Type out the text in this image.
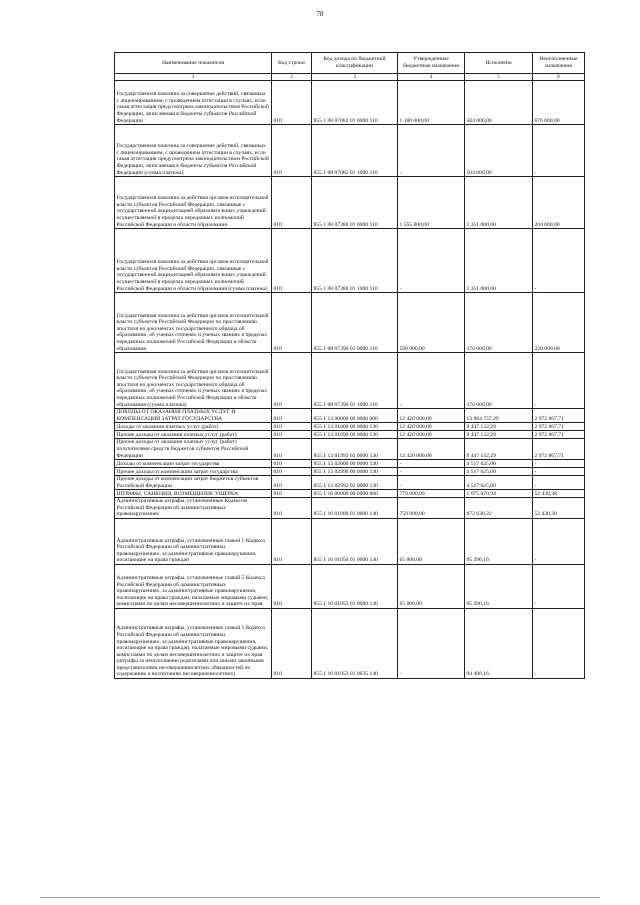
78
Наименование показателя	Код строки	Код дохода по бюджетной классификации	Утвержденные бюджетные назначения	Исполнено	Неисполненные назначения
1	2	3	4	5	6
Государственная пошлина за совершение действий, связанных с лицензированием, с проведением аттестации в случаях, если такая аттестация предусмотрена законодательством Российской Федерации, зачисляемая в бюджеты субъектов Российской Федерации	010	855 1 08 07082 01 0000 110	1 180 000,00	504 000,00	676 000,00
Государственная пошлина за совершение действий, связанных с лицензированием, с проведением аттестации в случаях, если такая аттестация предусмотрена законодательством Российской Федерации, зачисляемая в бюджеты субъектов Российской Федерации (сумма платежа)	010	855 1 08 07082 01 1000 110	-	504 000,00	-
Государственная пошлина за действия органов исполнительной власти субъектов Российской Федерации, связанные с государственной аккредитацией образовательных учреждений, осуществляемой в пределах переданных полномочий Российской Федерации в области образования	010	855 1 08 07380 01 0000 110	1 555 000,00	1 351 000,00	204 000,00
Государственная пошлина за действия органов исполнительной власти субъектов Российской Федерации, связанные с государственной аккредитацией образовательных учреждений, осуществляемой в пределах переданных полномочий Российской Федерации в области образования (сумма платежа)	010	855 1 08 07380 01 1000 110	-	1 351 000,00	-
Государственная пошлина за действия органов исполнительной власти субъектов Российской Федерации по проставлению апостиля на документах государственного образца об образовании, об ученых степенях и ученых званиях в пределах переданных полномочий Российской Федерации в области образования	010	855 1 08 07390 01 0000 110	590 000,00	370 000,00	220 000,00
Государственная пошлина за действия органов исполнительной власти субъектов Российской Федерации по проставлению апостиля на документах государственного образца об образовании, об ученых степенях и ученых званиях в пределах переданных полномочий Российской Федерации в области образования (сумма платежа)	010	855 1 08 07390 01 1000 110	-	370 000,00	-
ДОХОДЫ ОТ ОКАЗАНИЯ ПЛАТНЫХ УСЛУГ И КОМПЕНСАЦИИ ЗАТРАТ ГОСУДАРСТВА	010	855 1 13 00000 00 0000 000	12 420 000,00	13 964 757,29	2 972 867,71
Доходы от оказания платных услуг (работ)	010	855 1 13 01000 00 0000 130	12 420 000,00	9 447 132,29	2 972 867,71
Прочие доходы от оказания платных услуг (работ)	010	855 1 13 01990 00 0000 130	12 420 000,00	9 447 132,29	2 972 867,71
Прочие доходы от оказания платных услуг (работ) получателями средств бюджетов субъектов Российской Федерации	010	855 1 13 01992 02 0000 130	12 420 000,00	9 447 132,29	2 972 867,71
Доходы от компенсации затрат государства	010	855 1 13 02000 00 0000 130	-	4 517 625,00	-
Прочие доходы от компенсации затрат государства	010	855 1 13 02990 00 0000 130	-	4 517 625,00	-
Прочие доходы от компенсации затрат бюджетов субъектов Российской Федерации	010	855 1 13 02992 02 0000 130	-	4 517 625,00	-
ШТРАФЫ, САНКЦИИ, ВОЗМЕЩЕНИЕ УЩЕРБА	010	855 1 16 00000 00 0000 000	779 000,00	1 075 670,94	52 430,38
Административные штрафы, установленные Кодексом Российской Федерации об административных правонарушениях	010	855 1 16 01000 01 0000 140	759 000,00	872 630,22	52 430,38
Административные штрафы, установленные главой 5 Кодекса Российской Федерации об административных правонарушениях, за административные правонарушения, посягающие на права граждан	010	855 1 16 01050 01 0000 140	65 000,00	95 396,16	-
Административные штрафы, установленные главой 5 Кодекса Российской Федерации об административных правонарушениях, за административные правонарушения, посягающие на права граждан, налагаемые мировыми судьями, комиссиями по делам несовершеннолетних и защите их прав	010	855 1 16 01053 01 0000 140	65 000,00	95 396,16	-
Административные штрафы, установленные главой 5 Кодекса Российской Федерации об административных правонарушениях, за административные правонарушения, посягающие на права граждан, налагаемые мировыми судьями, комиссиями по делам несовершеннолетних и защите их прав (штрафы за неисполнение родителями или иными законными представителями несовершеннолетних обязанностей по содержанию и воспитанию несовершеннолетних)	010	855 1 16 01053 01 0035 140	-	94 496,16	-
